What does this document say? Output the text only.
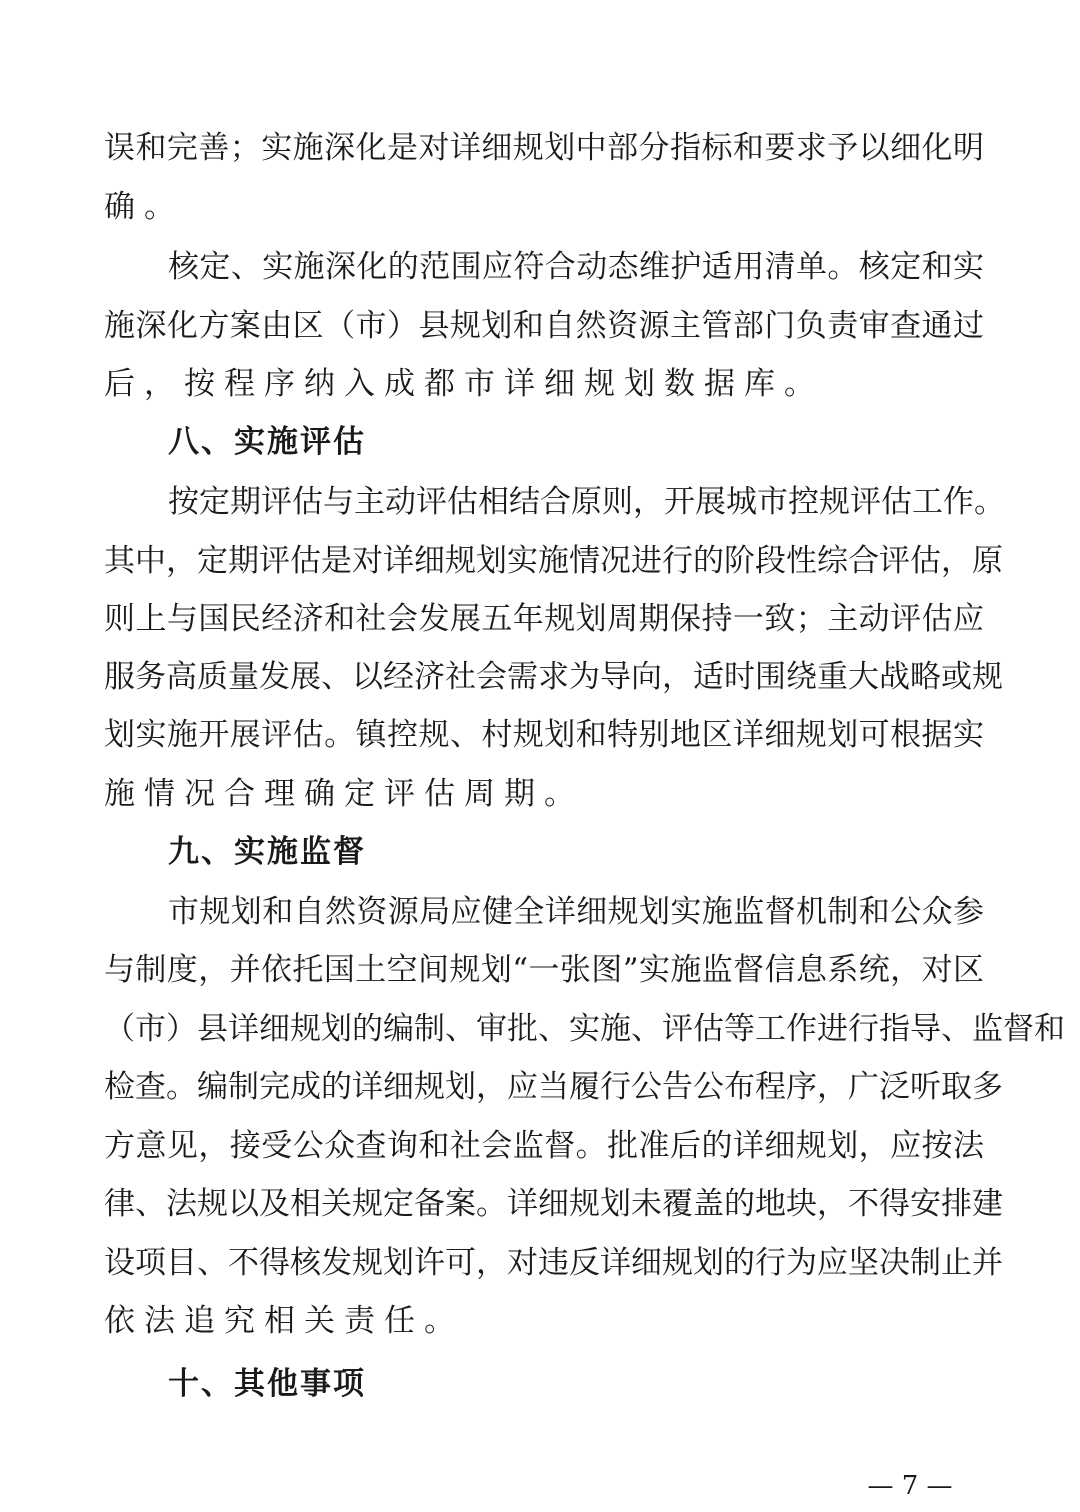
误和完善；实施深化是对详细规划中部分指标和要求予以细化明
确。
核定、实施深化的范围应符合动态维护适用清单。核定和实
施深化方案由区（市）县规划和自然资源主管部门负责审查通过
后，按程序纳入成都市详细规划数据库。
八、实施评估
按定期评估与主动评估相结合原则，开展城市控规评估工作。
其中，定期评估是对详细规划实施情况进行的阶段性综合评估，原
则上与国民经济和社会发展五年规划周期保持一致；主动评估应
服务高质量发展、以经济社会需求为导向，适时围绕重大战略或规
划实施开展评估。镇控规、村规划和特别地区详细规划可根据实
施情况合理确定评估周期。
九、实施监督
市规划和自然资源局应健全详细规划实施监督机制和公众参
与制度，并依托国土空间规划“一张图”实施监督信息系统，对区
（市）县详细规划的编制、审批、实施、评估等工作进行指导、监督和
检查。编制完成的详细规划，应当履行公告公布程序，广泛听取多
方意见，接受公众查询和社会监督。批准后的详细规划，应按法
律、法规以及相关规定备案。详细规划未覆盖的地块，不得安排建
设项目、不得核发规划许可，对违反详细规划的行为应坚决制止并
依法追究相关责任。
十、其他事项
— 7 —
